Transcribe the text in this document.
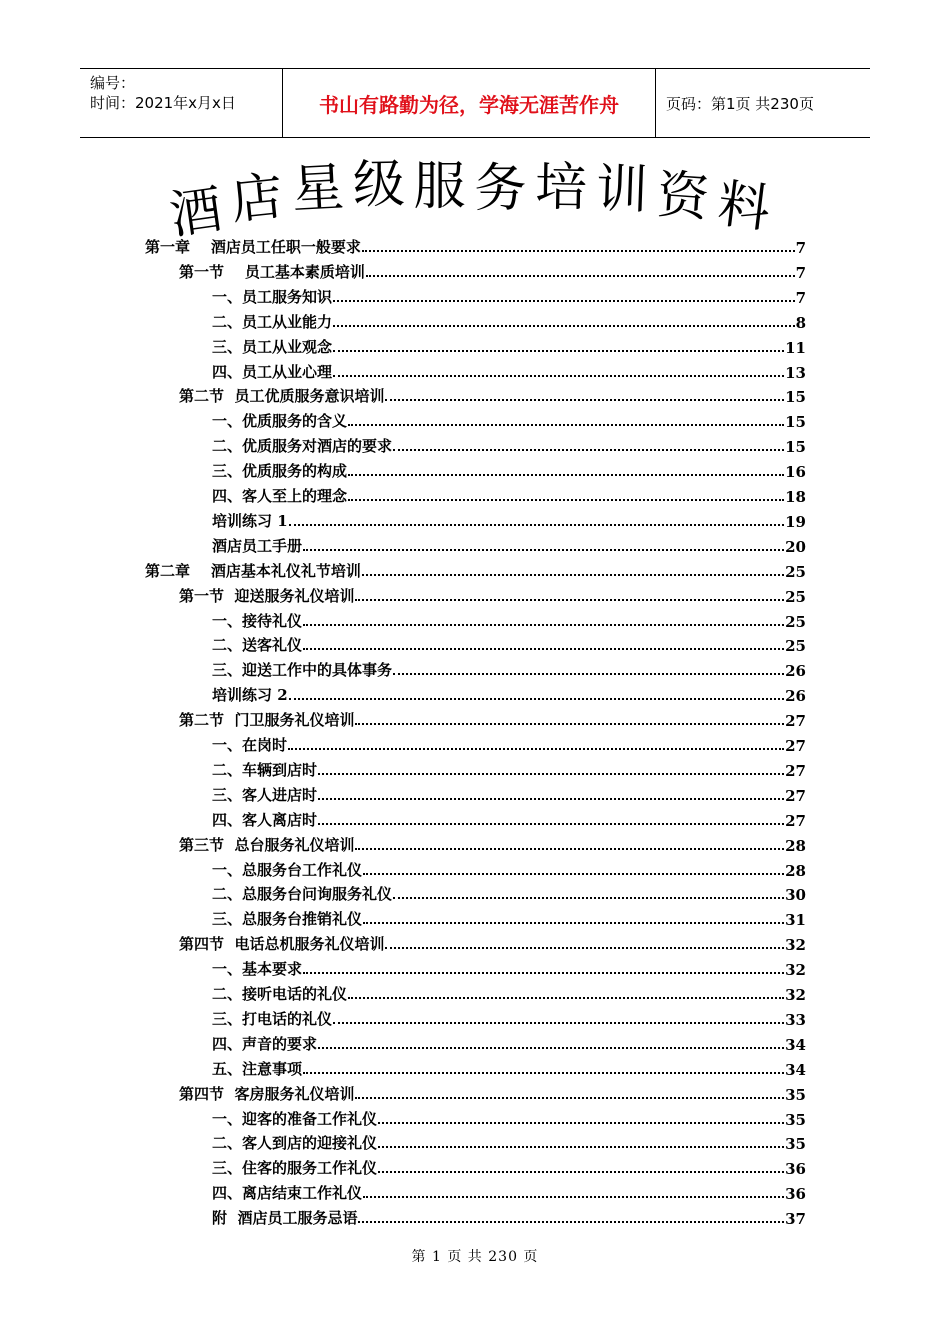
编号：
时间：2021年x月x日	书山有路勤为径，学海无涯苦作舟	页码：第1页 共230页
酒 店 星 级 服 务 培 训 资 料
第一章    酒店员工任职一般要求	7
第一节    员工基本素质培训	7
一、员工服务知识	7
二、员工从业能力	8
三、员工从业观念	11
四、员工从业心理	13
第二节  员工优质服务意识培训	15
一、优质服务的含义	15
二、优质服务对酒店的要求	15
三、优质服务的构成	16
四、客人至上的理念	18
培训练习 1	19
酒店员工手册	20
第二章    酒店基本礼仪礼节培训	25
第一节  迎送服务礼仪培训	25
一、接待礼仪	25
二、送客礼仪	25
三、迎送工作中的具体事务	26
培训练习 2	26
第二节  门卫服务礼仪培训	27
一、在岗时	27
二、车辆到店时	27
三、客人进店时	27
四、客人离店时	27
第三节  总台服务礼仪培训	28
一、总服务台工作礼仪	28
二、总服务台问询服务礼仪	30
三、总服务台推销礼仪	31
第四节  电话总机服务礼仪培训	32
一、基本要求	32
二、接听电话的礼仪	32
三、打电话的礼仪	33
四、声音的要求	34
五、注意事项	34
第四节  客房服务礼仪培训	35
一、迎客的准备工作礼仪	35
二、客人到店的迎接礼仪	35
三、住客的服务工作礼仪	36
四、离店结束工作礼仪	36
附  酒店员工服务忌语	37
第 1 页 共 230 页
